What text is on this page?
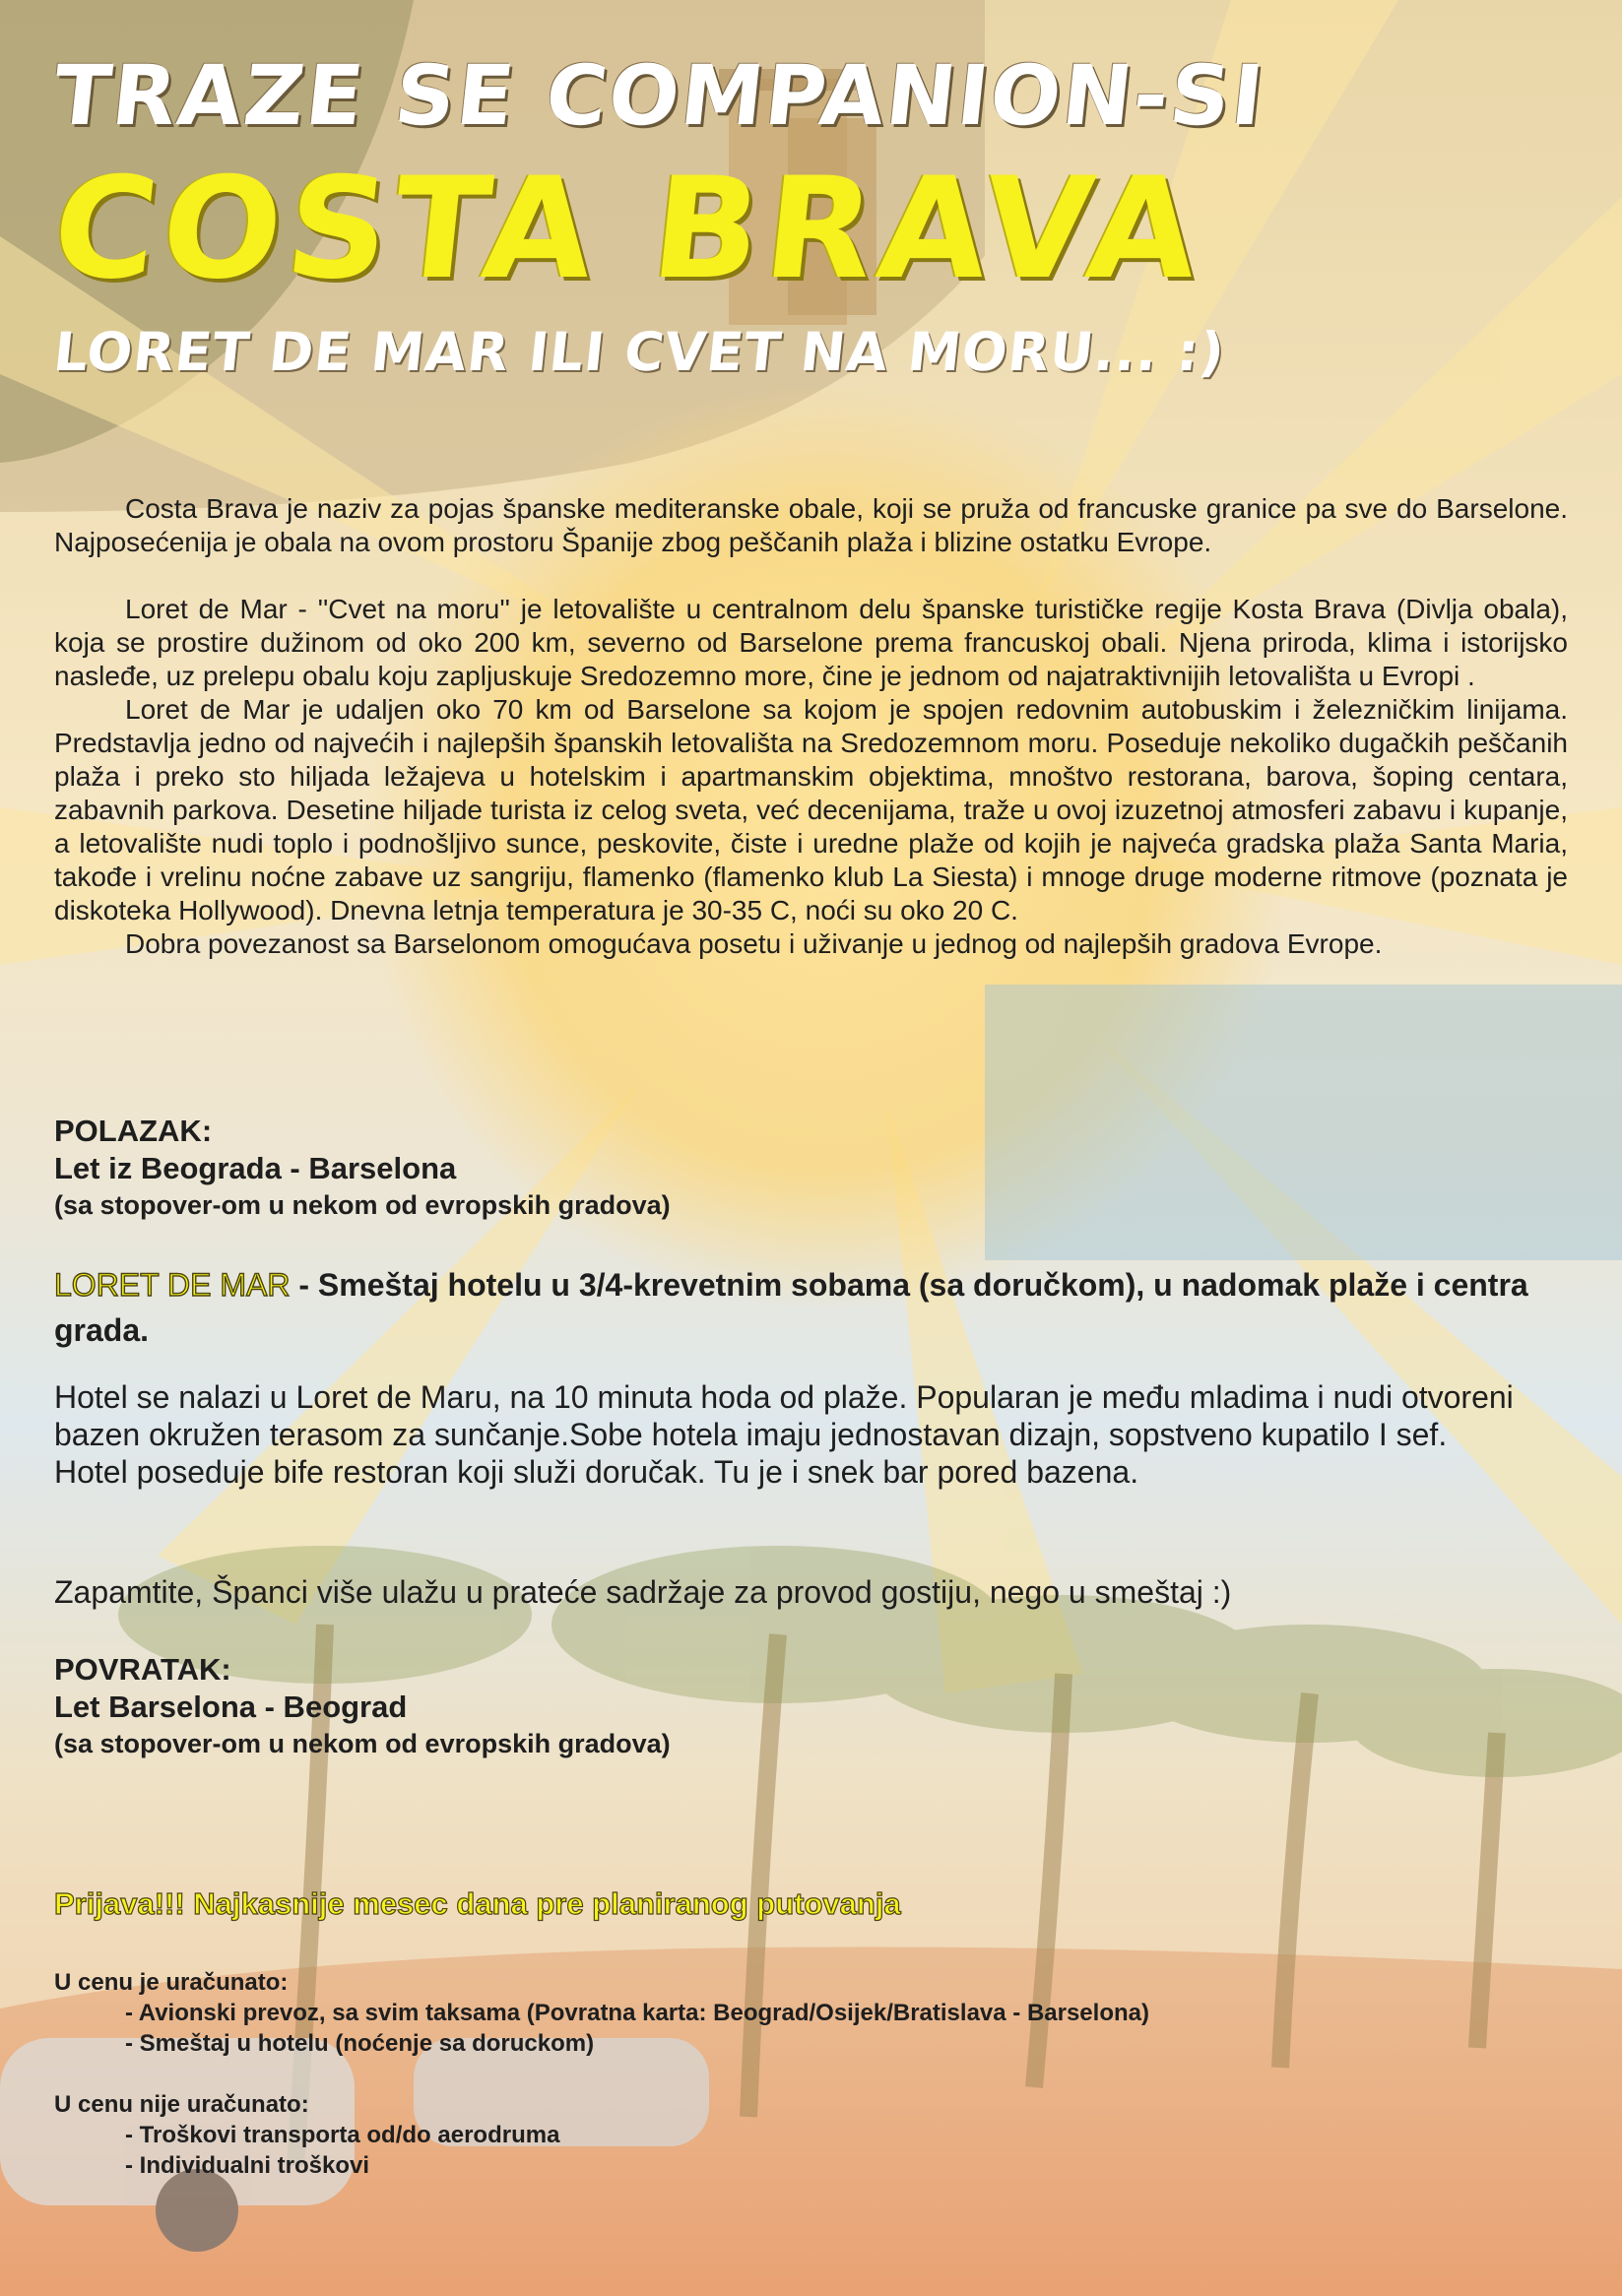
TRAZE SE COMPANION-SI
COSTA BRAVA
LORET DE MAR ILI CVET NA MORU... :)

Costa Brava je naziv za pojas španske mediteranske obale, koji se pruža od francuske granice pa sve do Barselone. Najposećenija je obala na ovom prostoru Španije zbog peščanih plaža i blizine ostatku Evrope.

Loret de Mar - ''Cvet na moru'' je letovalište u centralnom delu španske turističke regije Kosta Brava (Divlja obala), koja se prostire dužinom od oko 200 km, severno od Barselone prema francuskoj obali. Njena priroda, klima i istorijsko nasleđe, uz prelepu obalu koju zapljuskuje Sredozemno more, čine je jednom od najatraktivnijih letovališta u Evropi .

Loret de Mar je udaljen oko 70 km od Barselone sa kojom je spojen redovnim autobuskim i železničkim linijama. Predstavlja jedno od najvećih i najlepših španskih letovališta na Sredozemnom moru. Poseduje nekoliko dugačkih peščanih plaža i preko sto hiljada ležajeva u hotelskim i apartmanskim objektima, mnoštvo restorana, barova, šoping centara, zabavnih parkova. Desetine hiljade turista iz celog sveta, već decenijama, traže u ovoj izuzetnoj atmosferi zabavu i kupanje, a letovalište nudi toplo i podnošljivo sunce, peskovite, čiste i uredne plaže od kojih je najveća gradska plaža Santa Maria, takođe i vrelinu noćne zabave uz sangriju, flamenko (flamenko klub La Siesta) i mnoge druge moderne ritmove (poznata je diskoteka Hollywood). Dnevna letnja temperatura je 30-35 C, noći su oko 20 C.

Dobra povezanost sa Barselonom omogućava posetu i uživanje u jednog od najlepših gradova Evrope.

POLAZAK:
Let iz Beograda - Barselona
(sa stopover-om u nekom od evropskih gradova)

LORET DE MAR - Smeštaj hotelu u 3/4-krevetnim sobama (sa doručkom), u nadomak plaže i centra grada.

Hotel se nalazi u Loret de Maru, na 10 minuta hoda od plaže. Popularan je među mladima i nudi otvoreni bazen okružen terasom za sunčanje.Sobe hotela imaju jednostavan dizajn, sopstveno kupatilo I sef.
Hotel poseduje bife restoran koji služi doručak. Tu je i snek bar pored bazena.

Zapamtite, Španci više ulažu u prateće sadržaje za provod gostiju, nego u smeštaj :)

POVRATAK:
Let Barselona - Beograd
(sa stopover-om u nekom od evropskih gradova)

Prijava!!! Najkasnije mesec dana pre planiranog putovanja

U cenu je uračunato:
- Avionski prevoz, sa svim taksama (Povratna karta: Beograd/Osijek/Bratislava - Barselona)
- Smeštaj u hotelu (noćenje sa doruckom)
U cenu nije uračunato:
- Troškovi transporta od/do aerodruma
- Individualni troškovi
